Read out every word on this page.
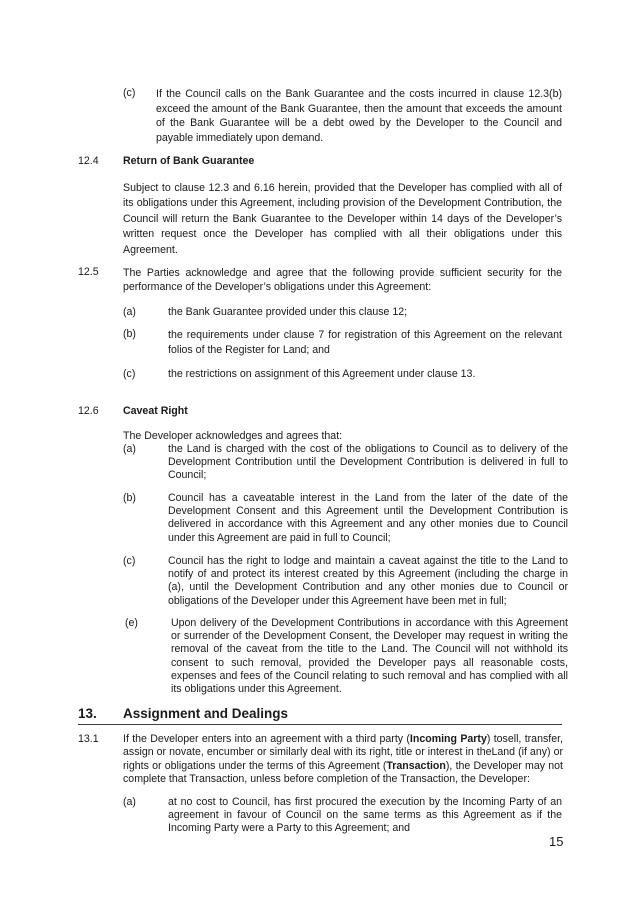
(c) If the Council calls on the Bank Guarantee and the costs incurred in clause 12.3(b) exceed the amount of the Bank Guarantee, then the amount that exceeds the amount of the Bank Guarantee will be a debt owed by the Developer to the Council and payable immediately upon demand.

12.4 Return of Bank Guarantee

Subject to clause 12.3 and 6.16 herein, provided that the Developer has complied with all of its obligations under this Agreement, including provision of the Development Contribution, the Council will return the Bank Guarantee to the Developer within 14 days of the Developer’s written request once the Developer has complied with all their obligations under this Agreement.

12.5 The Parties acknowledge and agree that the following provide sufficient security for the performance of the Developer’s obligations under this Agreement:

(a)	the Bank Guarantee provided under this clause 12;

(b)	the requirements under clause 7 for registration of this Agreement on the relevant folios of the Register for Land; and

(c)	the restrictions on assignment of this Agreement under clause 13.

12.6 Caveat Right
The Developer acknowledges and agrees that:
(a)	the Land is charged with the cost of the obligations to Council as to delivery of the Development Contribution until the Development Contribution is delivered in full to Council;

(b)	Council has a caveatable interest in the Land from the later of the date of the Development Consent and this Agreement until the Development Contribution is delivered in accordance with this Agreement and any other monies due to Council under this Agreement are paid in full to Council;

(c)	Council has the right to lodge and maintain a caveat against the title to the Land to notify of and protect its interest created by this Agreement (including the charge in (a), until the Development Contribution and any other monies due to Council or obligations of the Developer under this Agreement have been met in full;

(e)	Upon delivery of the Development Contributions in accordance with this Agreement or surrender of the Development Consent, the Developer may request in writing the removal of the caveat from the title to the Land. The Council will not withhold its consent to such removal, provided the Developer pays all reasonable costs, expenses and fees of the Council relating to such removal and has complied with all its obligations under this Agreement.

13. Assignment and Dealings
13.1 If the Developer enters into an agreement with a third party (Incoming Party) tosell, transfer, assign or novate, encumber or similarly deal with its right, title or interest in theLand (if any) or rights or obligations under the terms of this Agreement (Transaction), the Developer may not complete that Transaction, unless before completion of the Transaction, the Developer:

(a)	at no cost to Council, has first procured the execution by the Incoming Party of an agreement in favour of Council on the same terms as this Agreement as if the Incoming Party were a Party to this Agreement; and

15
